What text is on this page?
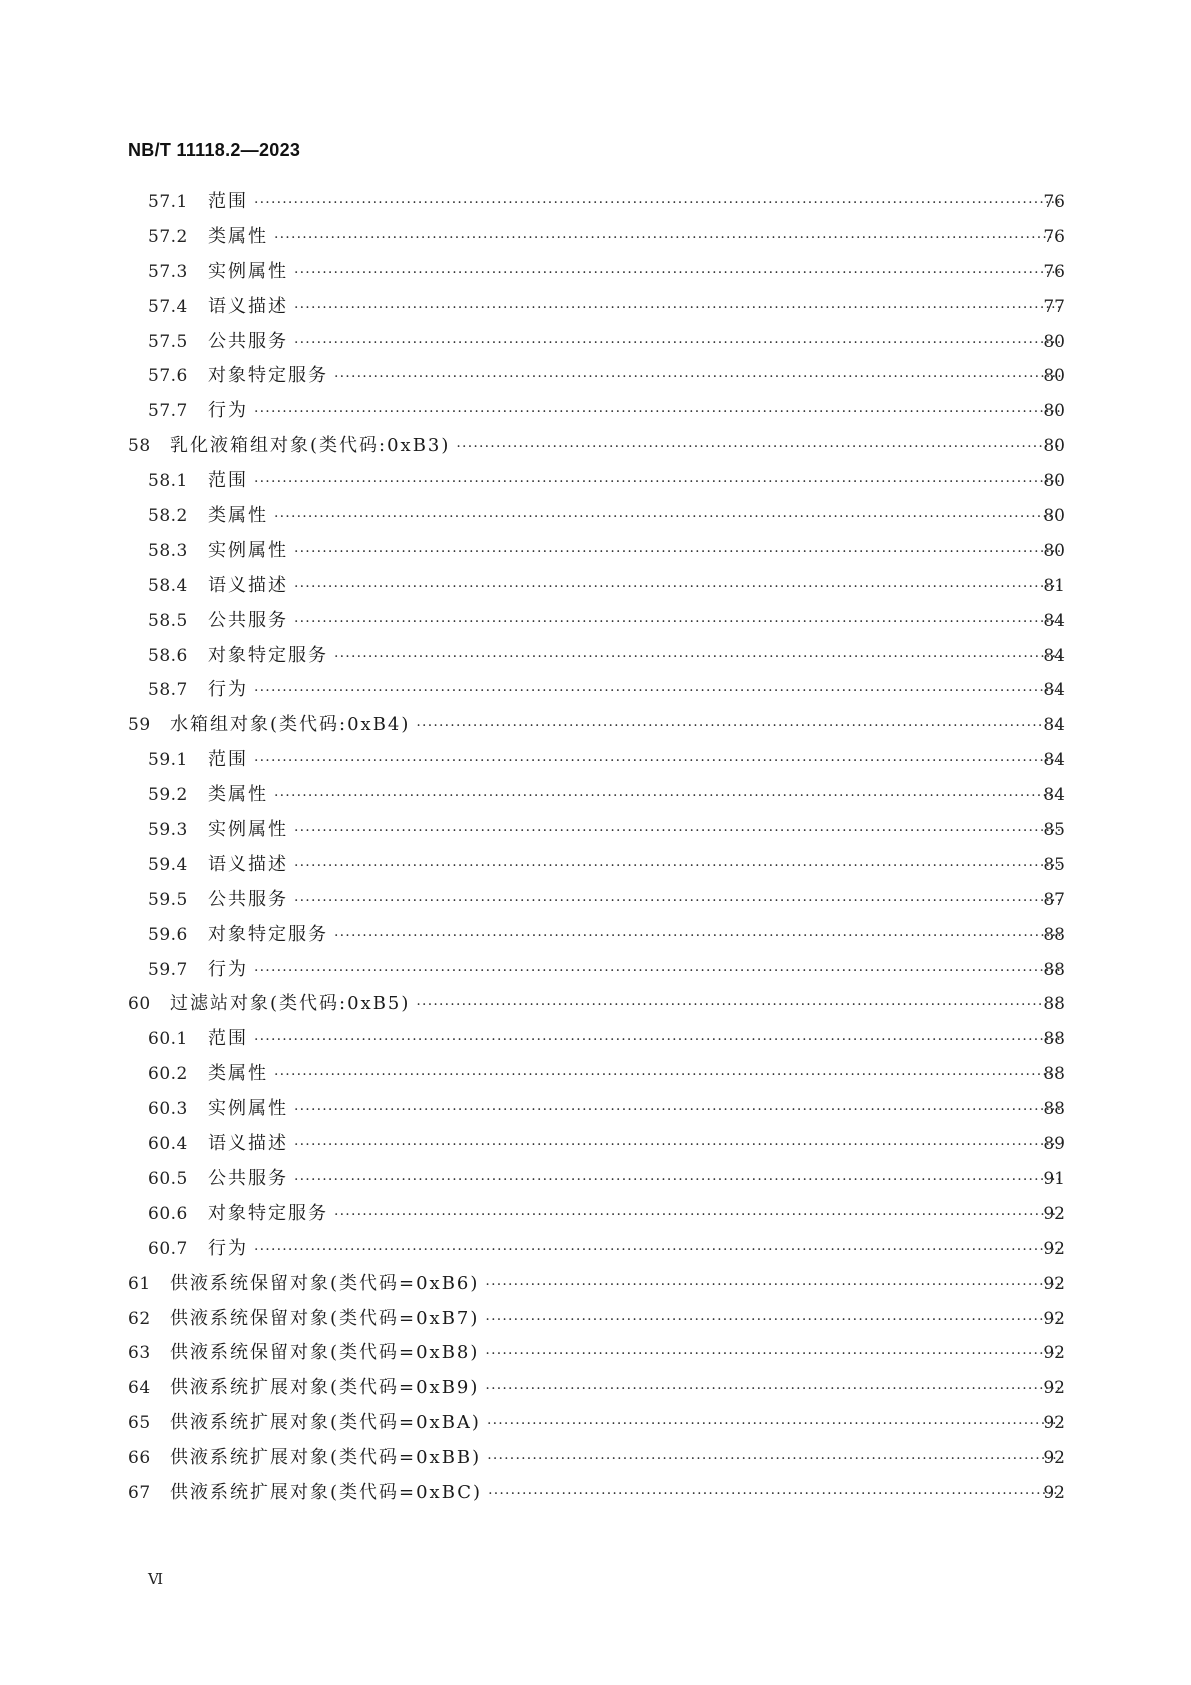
NB/T 11118.2—2023
57.1	范围 ·····	76
57.2	类属性 ·····	76
57.3	实例属性 ·····	76
57.4	语义描述 ·····	77
57.5	公共服务 ·····	80
57.6	对象特定服务 ·····	80
57.7	行为 ·····	80
58	乳化液箱组对象(类代码:0xB3) ·····	80
58.1	范围 ·····	80
58.2	类属性 ·····	80
58.3	实例属性 ·····	80
58.4	语义描述 ·····	81
58.5	公共服务 ·····	84
58.6	对象特定服务 ·····	84
58.7	行为 ·····	84
59	水箱组对象(类代码:0xB4) ·····	84
59.1	范围 ·····	84
59.2	类属性 ·····	84
59.3	实例属性 ·····	85
59.4	语义描述 ·····	85
59.5	公共服务 ·····	87
59.6	对象特定服务 ·····	88
59.7	行为 ·····	88
60	过滤站对象(类代码:0xB5) ·····	88
60.1	范围 ·····	88
60.2	类属性 ·····	88
60.3	实例属性 ·····	88
60.4	语义描述 ·····	89
60.5	公共服务 ·····	91
60.6	对象特定服务 ·····	92
60.7	行为 ·····	92
61	供液系统保留对象(类代码=0xB6) ·····	92
62	供液系统保留对象(类代码=0xB7) ·····	92
63	供液系统保留对象(类代码=0xB8) ·····	92
64	供液系统扩展对象(类代码=0xB9) ·····	92
65	供液系统扩展对象(类代码=0xBA) ·····	92
66	供液系统扩展对象(类代码=0xBB) ·····	92
67	供液系统扩展对象(类代码=0xBC) ·····	92
Ⅵ
